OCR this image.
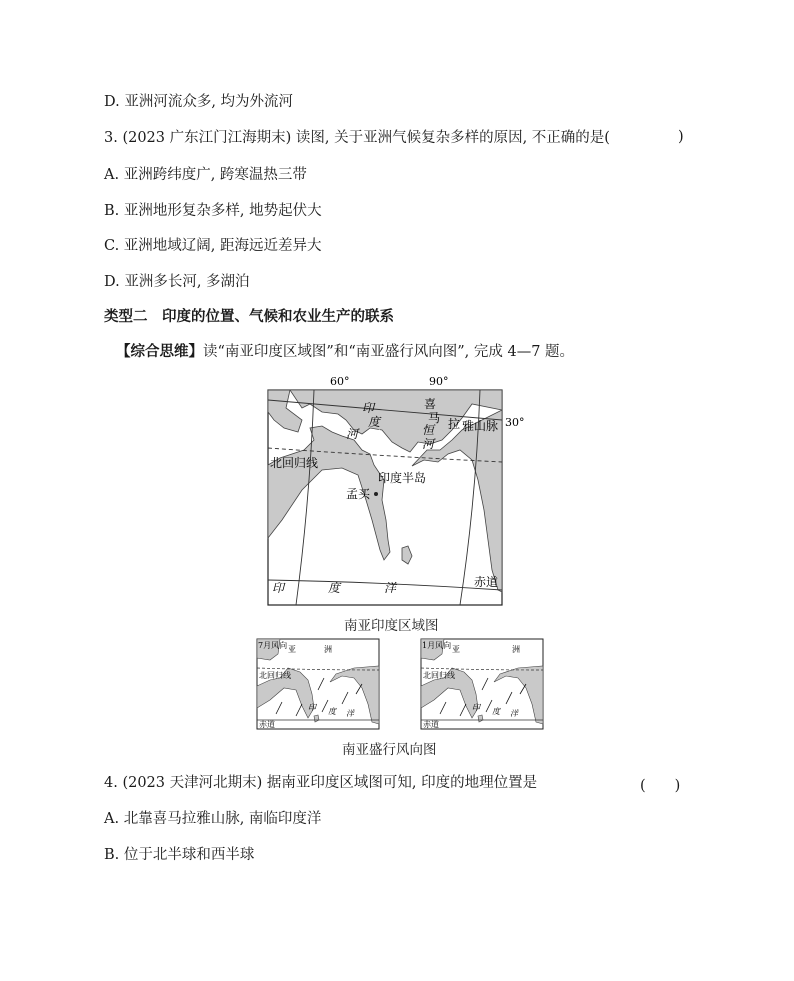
D. 亚洲河流众多, 均为外流河
3. (2023 广东江门江海期末) 读图, 关于亚洲气候复杂多样的原因, 不正确的是(	)
A. 亚洲跨纬度广, 跨寒温热三带
B. 亚洲地形复杂多样, 地势起伏大
C. 亚洲地域辽阔, 距海远近差异大
D. 亚洲多长河, 多湖泊
类型二　印度的位置、气候和农业生产的联系
【综合思维】读“南亚印度区域图”和“南亚盛行风向图”, 完成 4—7 题。
60°	90°
北回归线
印
度
河
喜
马 拉 雅山脉 30°
恒
河
印度半岛
孟买
印	度	洋	赤道
南亚印度区域图
7月风向 亚	洲
北回归线
印 度 洋
赤道
1月风向 亚	洲
北回归线
印 度 洋
赤道
南亚盛行风向图
4. (2023 天津河北期末) 据南亚印度区域图可知, 印度的地理位置是	(　　)
A. 北靠喜马拉雅山脉, 南临印度洋
B. 位于北半球和西半球
